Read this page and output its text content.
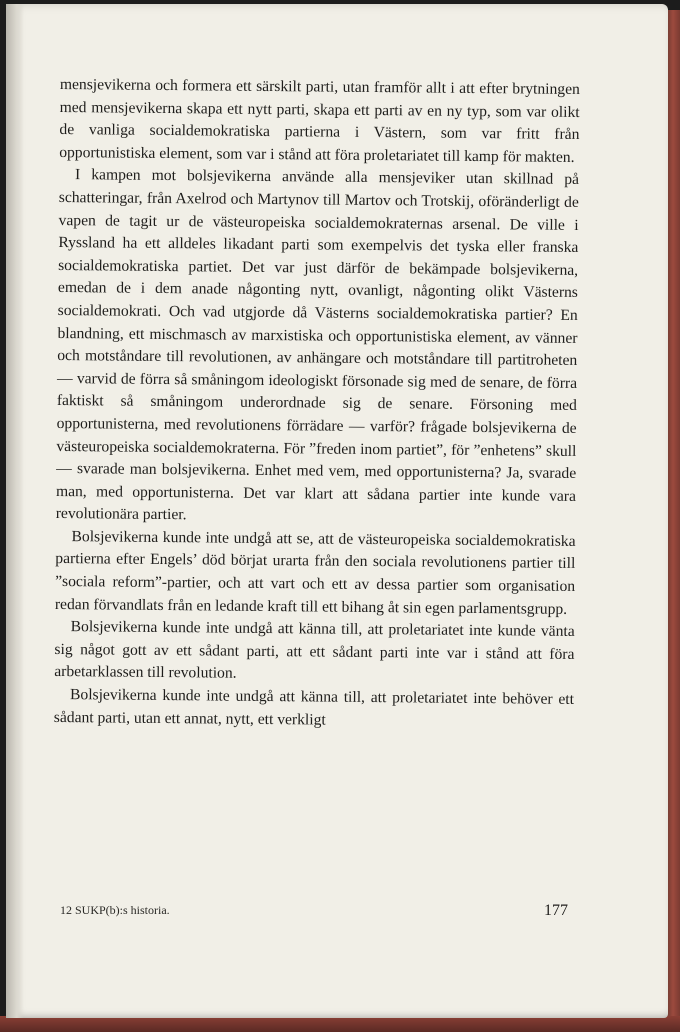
mensjevikerna och formera ett särskilt parti, utan framför allt i att efter brytningen med mensjevikerna skapa ett nytt parti, skapa ett parti av en ny typ, som var olikt de vanliga socialdemokratiska partierna i Västern, som var fritt från opportunistiska element, som var i stånd att föra proletariatet till kamp för makten.

I kampen mot bolsjevikerna använde alla mensjeviker utan skillnad på schatteringar, från Axelrod och Martynov till Martov och Trotskij, oföränderligt de vapen de tagit ur de västeuropeiska socialdemokraternas arsenal. De ville i Ryssland ha ett alldeles likadant parti som exempelvis det tyska eller franska socialdemokratiska partiet. Det var just därför de bekämpade bolsjevikerna, emedan de i dem anade någonting nytt, ovanligt, någonting olikt Västerns socialdemokrati. Och vad utgjorde då Västerns socialdemokratiska partier? En blandning, ett mischmasch av marxistiska och opportunistiska element, av vänner och motståndare till revolutionen, av anhängare och motståndare till partitroheten — varvid de förra så småningom ideologiskt försonade sig med de senare, de förra faktiskt så småningom underordnade sig de senare. Försoning med opportunisterna, med revolutionens förrädare — varför? frågade bolsjevikerna de västeuropeiska socialdemokraterna. För ”freden inom partiet”, för ”enhetens” skull — svarade man bolsjevikerna. Enhet med vem, med opportunisterna? Ja, svarade man, med opportunisterna. Det var klart att sådana partier inte kunde vara revolutionära partier.

Bolsjevikerna kunde inte undgå att se, att de västeuropeiska socialdemokratiska partierna efter Engels’ död börjat urarta från den sociala revolutionens partier till ”sociala reform”-partier, och att vart och ett av dessa partier som organisation redan förvandlats från en ledande kraft till ett bihang åt sin egen parlamentsgrupp.

Bolsjevikerna kunde inte undgå att känna till, att proletariatet inte kunde vänta sig något gott av ett sådant parti, att ett sådant parti inte var i stånd att föra arbetarklassen till revolution.

Bolsjevikerna kunde inte undgå att känna till, att proletariatet inte behöver ett sådant parti, utan ett annat, nytt, ett verkligt

12 SUKP(b):s historia.	177
